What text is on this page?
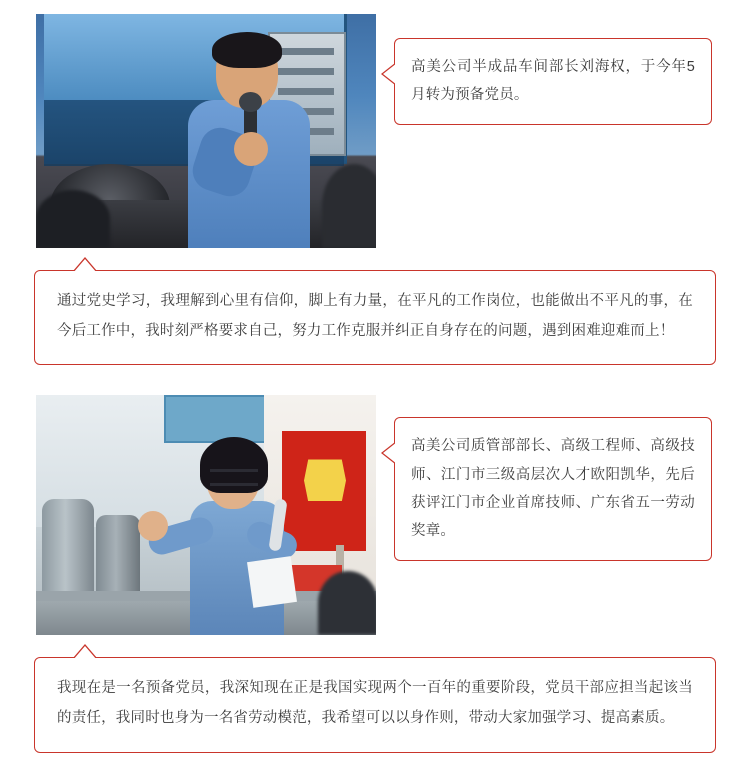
高美公司半成品车间部长刘海权，于今年5月转为预备党员。

通过党史学习，我理解到心里有信仰，脚上有力量，在平凡的工作岗位，也能做出不平凡的事，在今后工作中，我时刻严格要求自己，努力工作克服并纠正自身存在的问题，遇到困难迎难而上！

高美公司质管部部长、高级工程师、高级技师、江门市三级高层次人才欧阳凯华，先后获评江门市企业首席技师、广东省五一劳动奖章。

我现在是一名预备党员，我深知现在正是我国实现两个一百年的重要阶段，党员干部应担当起该当的责任，我同时也身为一名省劳动模范，我希望可以以身作则，带动大家加强学习、提高素质。
